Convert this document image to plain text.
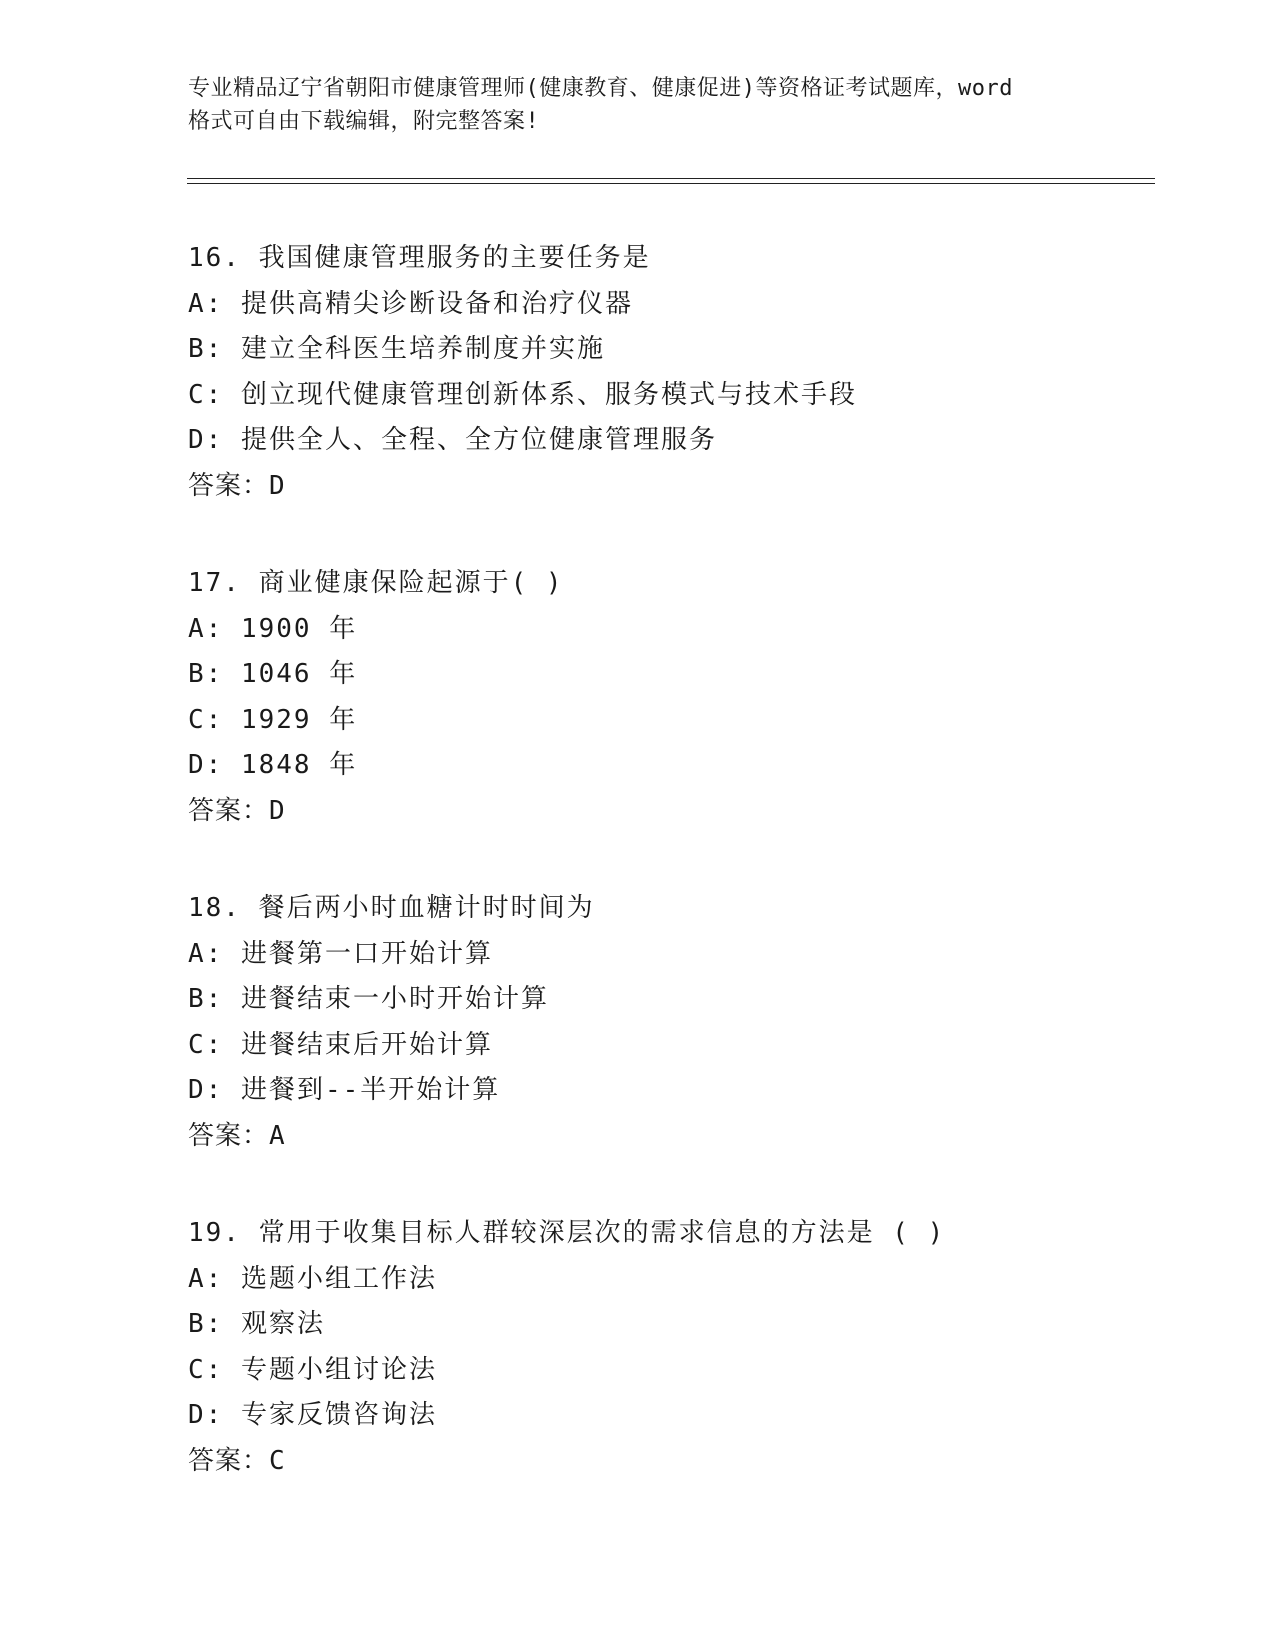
专业精品辽宁省朝阳市健康管理师(健康教育、健康促进)等资格证考试题库，word
格式可自由下载编辑，附完整答案!
16. 我国健康管理服务的主要任务是
A: 提供高精尖诊断设备和治疗仪器
B: 建立全科医生培养制度并实施
C: 创立现代健康管理创新体系、服务模式与技术手段
D: 提供全人、全程、全方位健康管理服务
答案：D
17. 商业健康保险起源于( )
A: 1900 年
B: 1046 年
C: 1929 年
D: 1848 年
答案：D
18. 餐后两小时血糖计时时间为
A: 进餐第一口开始计算
B: 进餐结束一小时开始计算
C: 进餐结束后开始计算
D: 进餐到--半开始计算
答案：A
19. 常用于收集目标人群较深层次的需求信息的方法是 ( )
A: 选题小组工作法
B: 观察法
C: 专题小组讨论法
D: 专家反馈咨询法
答案：C
